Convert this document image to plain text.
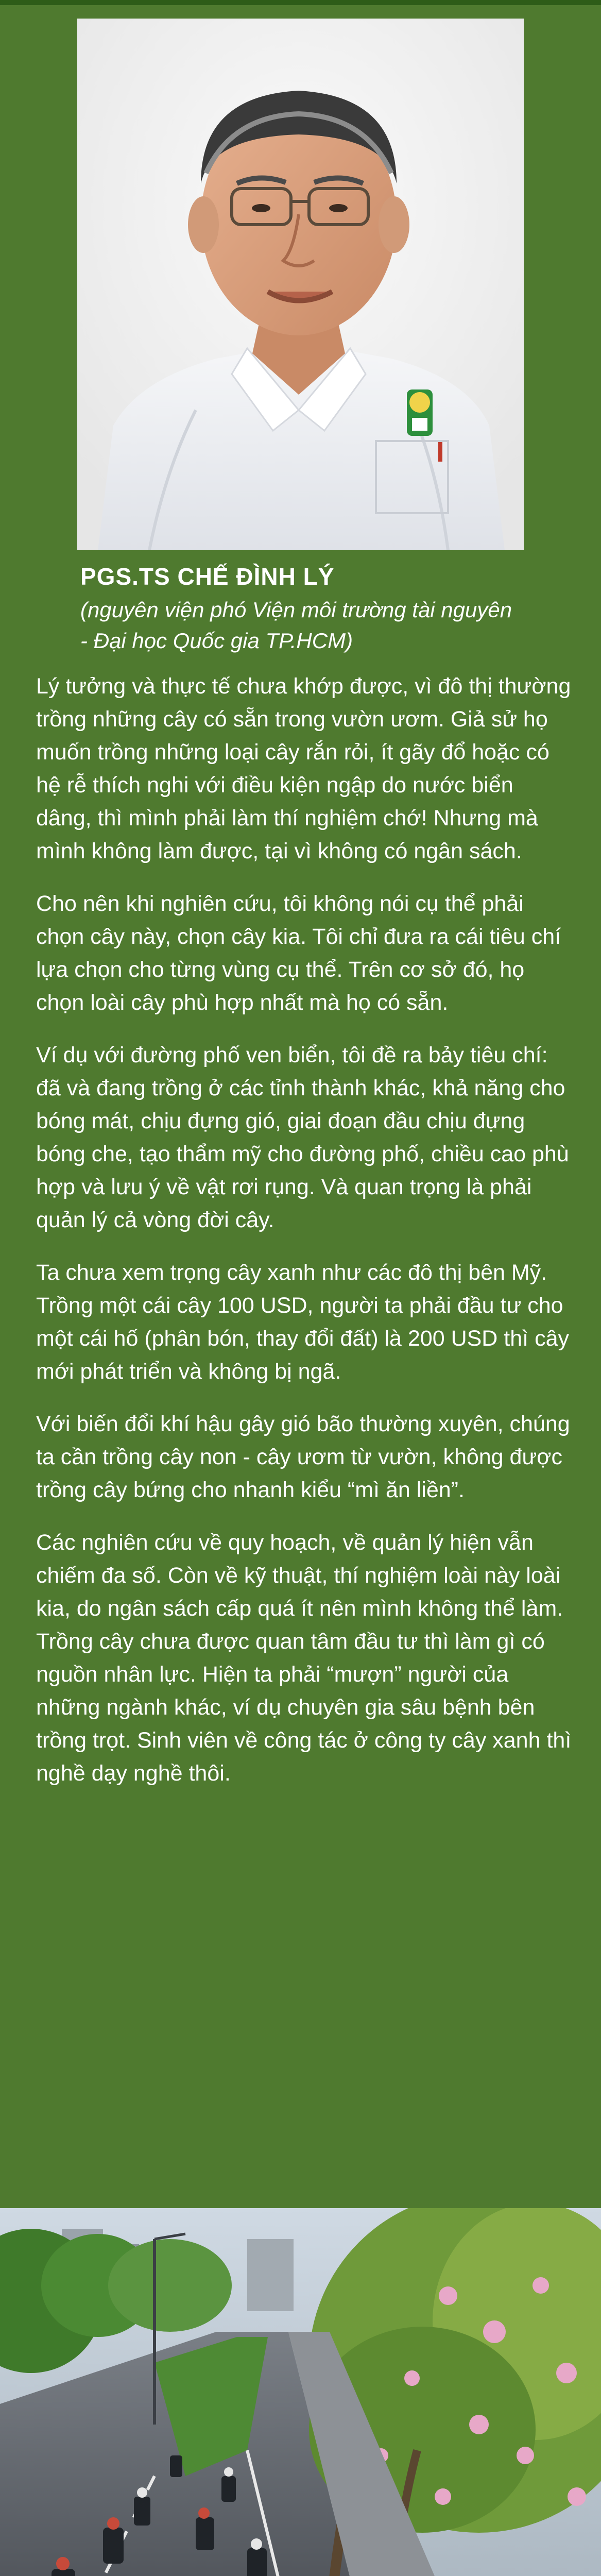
PGS.TS CHẾ ĐÌNH LÝ
(nguyên viện phó Viện môi trường tài nguyên - Đại học Quốc gia TP.HCM)

Lý tưởng và thực tế chưa khớp được, vì đô thị thường trồng những cây có sẵn trong vườn ươm. Giả sử họ muốn trồng những loại cây rắn rỏi, ít gãy đổ hoặc có hệ rễ thích nghi với điều kiện ngập do nước biển dâng, thì mình phải làm thí nghiệm chớ! Nhưng mà mình không làm được, tại vì không có ngân sách.

Cho nên khi nghiên cứu, tôi không nói cụ thể phải chọn cây này, chọn cây kia. Tôi chỉ đưa ra cái tiêu chí lựa chọn cho từng vùng cụ thể. Trên cơ sở đó, họ chọn loài cây phù hợp nhất mà họ có sẵn.

Ví dụ với đường phố ven biển, tôi đề ra bảy tiêu chí: đã và đang trồng ở các tỉnh thành khác, khả năng cho bóng mát, chịu đựng gió, giai đoạn đầu chịu đựng bóng che, tạo thẩm mỹ cho đường phố, chiều cao phù hợp và lưu ý về vật rơi rụng. Và quan trọng là phải quản lý cả vòng đời cây.

Ta chưa xem trọng cây xanh như các đô thị bên Mỹ. Trồng một cái cây 100 USD, người ta phải đầu tư cho một cái hố (phân bón, thay đổi đất) là 200 USD thì cây mới phát triển và không bị ngã.

Với biến đổi khí hậu gây gió bão thường xuyên, chúng ta cần trồng cây non - cây ươm từ vườn, không được trồng cây bứng cho nhanh kiểu “mì ăn liền”.

Các nghiên cứu về quy hoạch, về quản lý hiện vẫn chiếm đa số. Còn về kỹ thuật, thí nghiệm loài này loài kia, do ngân sách cấp quá ít nên mình không thể làm. Trồng cây chưa được quan tâm đầu tư thì làm gì có nguồn nhân lực. Hiện ta phải “mượn” người của những ngành khác, ví dụ chuyên gia sâu bệnh bên trồng trọt. Sinh viên về công tác ở công ty cây xanh thì nghề dạy nghề thôi.
